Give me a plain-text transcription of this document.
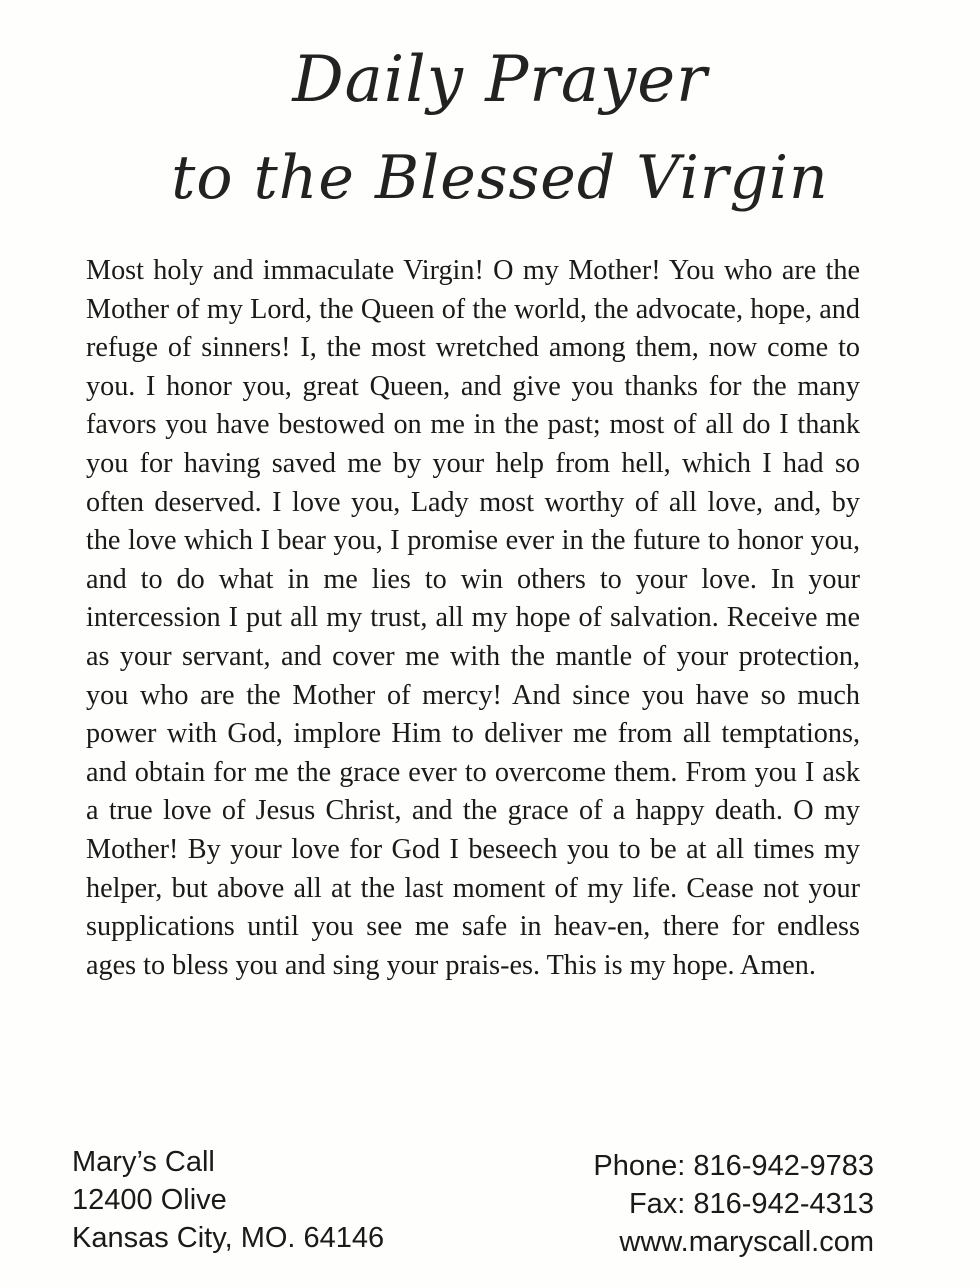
Daily Prayer
to the Blessed Virgin

Most holy and immaculate Virgin! O my Mother! You who are the Mother of my Lord, the Queen of the world, the advocate, hope, and refuge of sinners! I, the most wretched among them, now come to you. I honor you, great Queen, and give you thanks for the many favors you have bestowed on me in the past; most of all do I thank you for having saved me by your help from hell, which I had so often deserved. I love you, Lady most worthy of all love, and, by the love which I bear you, I promise ever in the future to honor you, and to do what in me lies to win others to your love. In your intercession I put all my trust, all my hope of salvation. Receive me as your servant, and cover me with the mantle of your protection, you who are the Mother of mercy! And since you have so much power with God, implore Him to deliver me from all temptations, and obtain for me the grace ever to overcome them. From you I ask a true love of Jesus Christ, and the grace of a happy death. O my Mother! By your love for God I beseech you to be at all times my helper, but above all at the last moment of my life. Cease not your supplications until you see me safe in heav-en, there for endless ages to bless you and sing your prais-es. This is my hope. Amen.

Mary’s Call
12400 Olive
Kansas City, MO. 64146
Phone: 816-942-9783
Fax: 816-942-4313
www.maryscall.com
